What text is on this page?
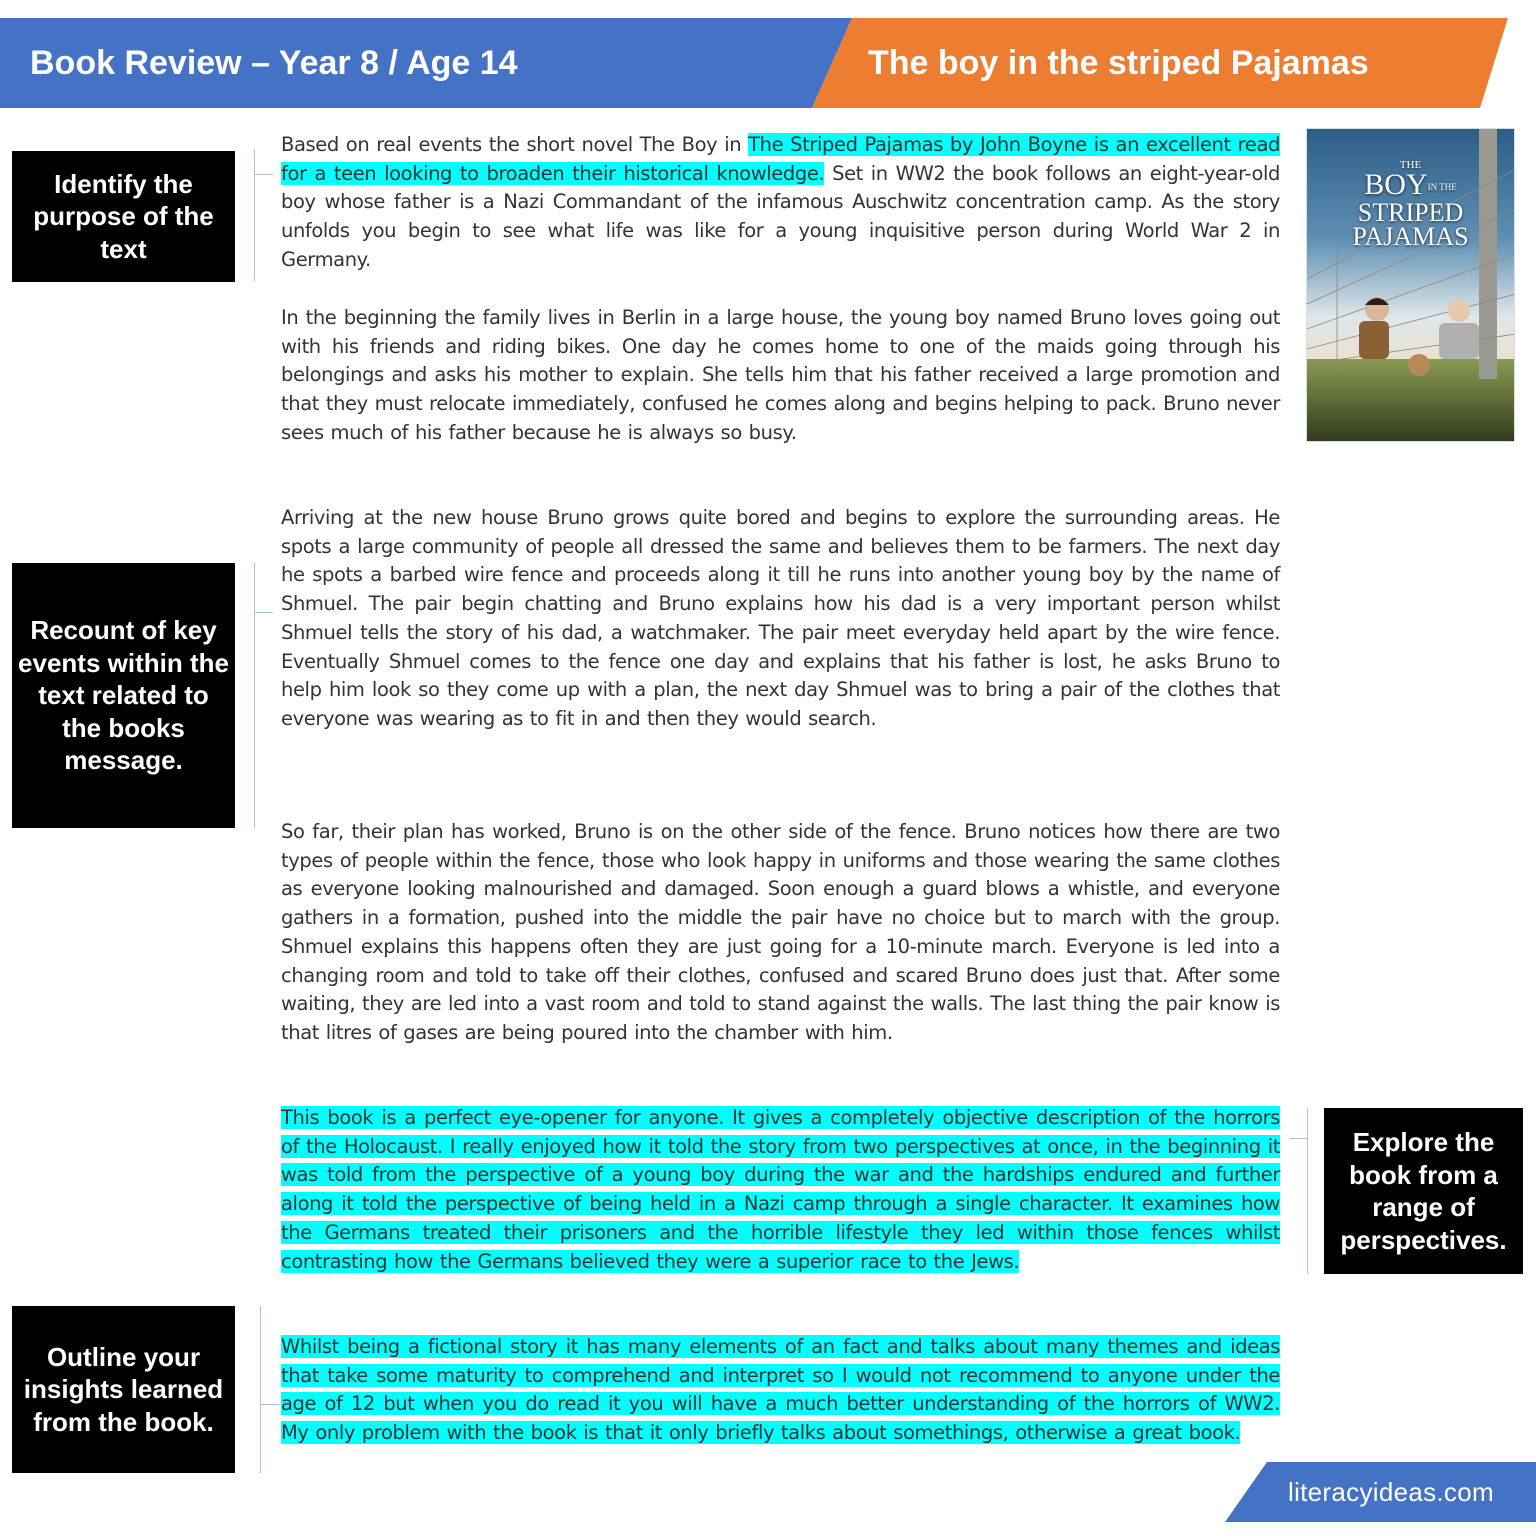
Book Review – Year 8 / Age 14	The boy in the striped Pajamas
Identify the purpose of the text
Recount of key events within the text related to the books message.
Explore the book from a range of perspectives.
Outline your insights learned from the book.
THE
BOYIN THE
STRIPED
PAJAMAS
Based on real events the short novel The Boy in The Striped Pajamas by John Boyne is an excellent read for a teen looking to broaden their historical knowledge. Set in WW2 the book follows an eight-year-old boy whose father is a Nazi Commandant of the infamous Auschwitz concentration camp. As the story unfolds you begin to see what life was like for a young inquisitive person during World War 2 in Germany.
In the beginning the family lives in Berlin in a large house, the young boy named Bruno loves going out with his friends and riding bikes. One day he comes home to one of the maids going through his belongings and asks his mother to explain. She tells him that his father received a large promotion and that they must relocate immediately, confused he comes along and begins helping to pack. Bruno never sees much of his father because he is always so busy.
Arriving at the new house Bruno grows quite bored and begins to explore the surrounding areas. He spots a large community of people all dressed the same and believes them to be farmers. The next day he spots a barbed wire fence and proceeds along it till he runs into another young boy by the name of Shmuel. The pair begin chatting and Bruno explains how his dad is a very important person whilst Shmuel tells the story of his dad, a watchmaker. The pair meet everyday held apart by the wire fence. Eventually Shmuel comes to the fence one day and explains that his father is lost, he asks Bruno to help him look so they come up with a plan, the next day Shmuel was to bring a pair of the clothes that everyone was wearing as to fit in and then they would search.
So far, their plan has worked, Bruno is on the other side of the fence. Bruno notices how there are two types of people within the fence, those who look happy in uniforms and those wearing the same clothes as everyone looking malnourished and damaged. Soon enough a guard blows a whistle, and everyone gathers in a formation, pushed into the middle the pair have no choice but to march with the group. Shmuel explains this happens often they are just going for a 10-minute march. Everyone is led into a changing room and told to take off their clothes, confused and scared Bruno does just that. After some waiting, they are led into a vast room and told to stand against the walls. The last thing the pair know is that litres of gases are being poured into the chamber with him.
This book is a perfect eye-opener for anyone. It gives a completely objective description of the horrors of the Holocaust. I really enjoyed how it told the story from two perspectives at once, in the beginning it was told from the perspective of a young boy during the war and the hardships endured and further along it told the perspective of being held in a Nazi camp through a single character. It examines how the Germans treated their prisoners and the horrible lifestyle they led within those fences whilst contrasting how the Germans believed they were a superior race to the Jews.
Whilst being a fictional story it has many elements of an fact and talks about many themes and ideas that take some maturity to comprehend and interpret so I would not recommend to anyone under the age of 12 but when you do read it you will have a much better understanding of the horrors of WW2. My only problem with the book is that it only briefly talks about somethings, otherwise a great book.
literacyideas.com
